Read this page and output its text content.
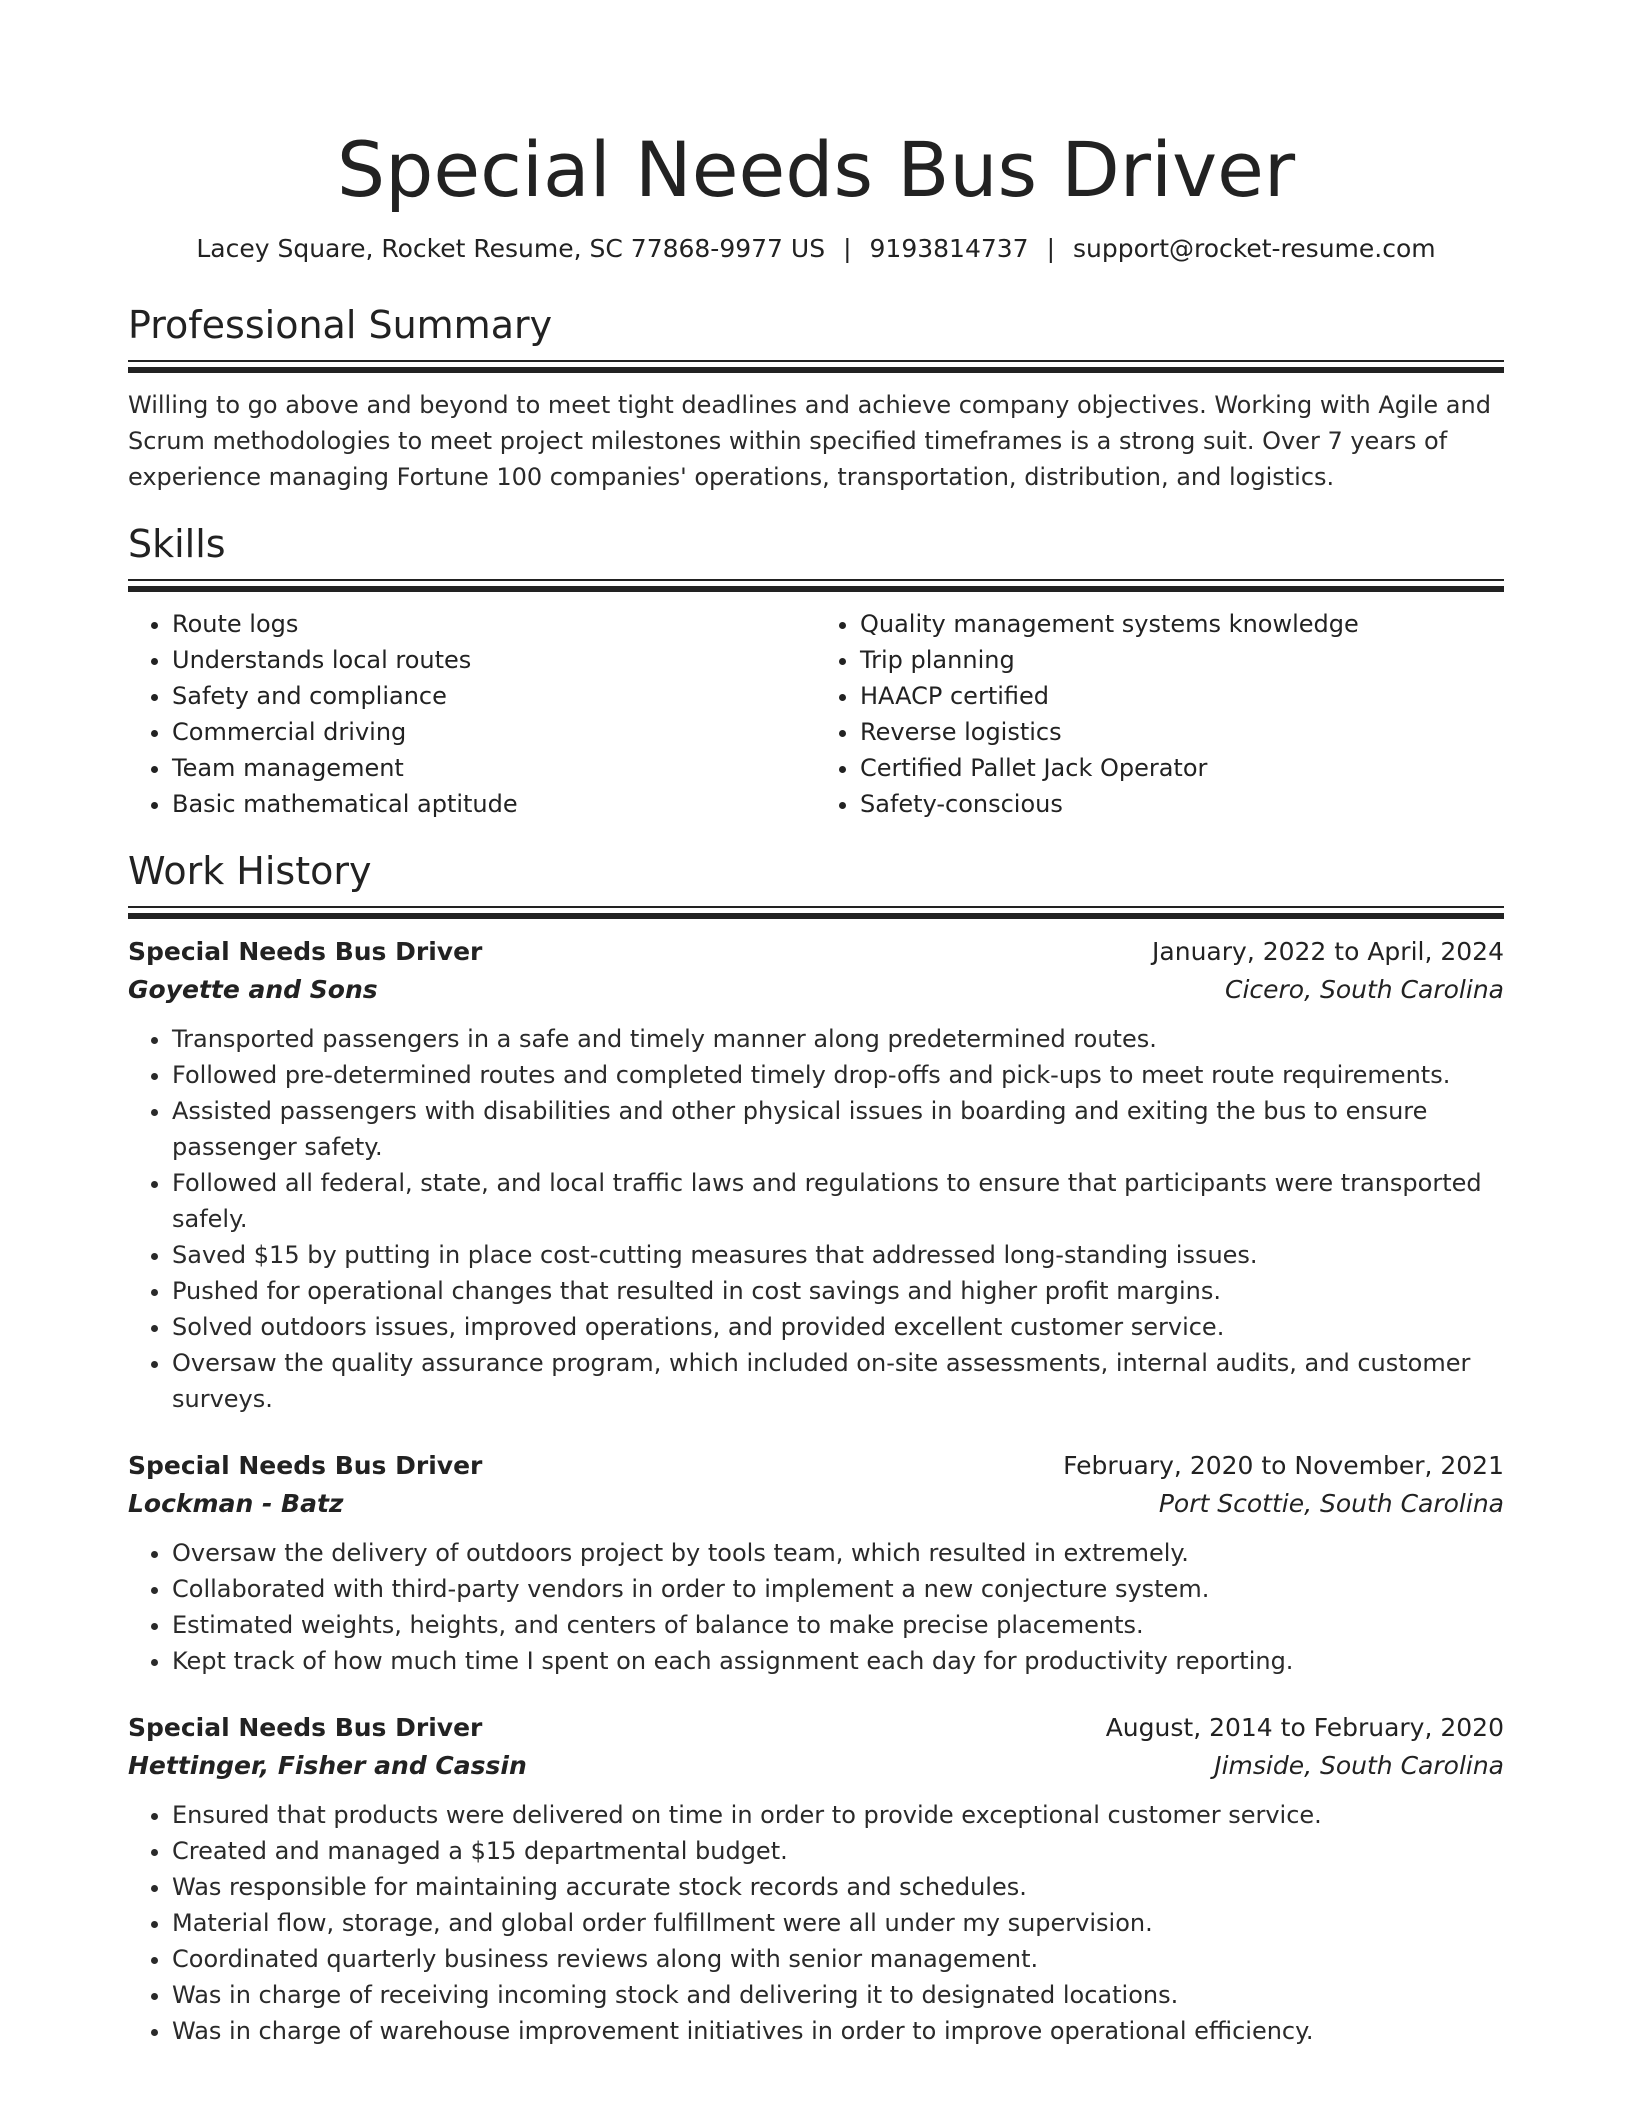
Special Needs Bus Driver
Lacey Square, Rocket Resume, SC 77868-9977 US | 9193814737 | support@rocket-resume.com
Professional Summary

Willing to go above and beyond to meet tight deadlines and achieve company objectives. Working with Agile and Scrum methodologies to meet project milestones within specified timeframes is a strong suit. Over 7 years of experience managing Fortune 100 companies' operations, transportation, distribution, and logistics.

Skills
• Route logs
• Understands local routes
• Safety and compliance
• Commercial driving
• Team management
• Basic mathematical aptitude
• Quality management systems knowledge
• Trip planning
• HAACP certified
• Reverse logistics
• Certified Pallet Jack Operator
• Safety-conscious
Work History
Special Needs Bus Driver	January, 2022 to April, 2024
Goyette and Sons	Cicero, South Carolina
• Transported passengers in a safe and timely manner along predetermined routes.
• Followed pre-determined routes and completed timely drop-offs and pick-ups to meet route requirements.
• Assisted passengers with disabilities and other physical issues in boarding and exiting the bus to ensure passenger safety.
• Followed all federal, state, and local traffic laws and regulations to ensure that participants were transported safely.
• Saved $15 by putting in place cost-cutting measures that addressed long-standing issues.
• Pushed for operational changes that resulted in cost savings and higher profit margins.
• Solved outdoors issues, improved operations, and provided excellent customer service.
• Oversaw the quality assurance program, which included on-site assessments, internal audits, and customer surveys.
Special Needs Bus Driver	February, 2020 to November, 2021
Lockman - Batz	Port Scottie, South Carolina
• Oversaw the delivery of outdoors project by tools team, which resulted in extremely.
• Collaborated with third-party vendors in order to implement a new conjecture system.
• Estimated weights, heights, and centers of balance to make precise placements.
• Kept track of how much time I spent on each assignment each day for productivity reporting.
Special Needs Bus Driver	August, 2014 to February, 2020
Hettinger, Fisher and Cassin	Jimside, South Carolina
• Ensured that products were delivered on time in order to provide exceptional customer service.
• Created and managed a $15 departmental budget.
• Was responsible for maintaining accurate stock records and schedules.
• Material flow, storage, and global order fulfillment were all under my supervision.
• Coordinated quarterly business reviews along with senior management.
• Was in charge of receiving incoming stock and delivering it to designated locations.
• Was in charge of warehouse improvement initiatives in order to improve operational efficiency.
